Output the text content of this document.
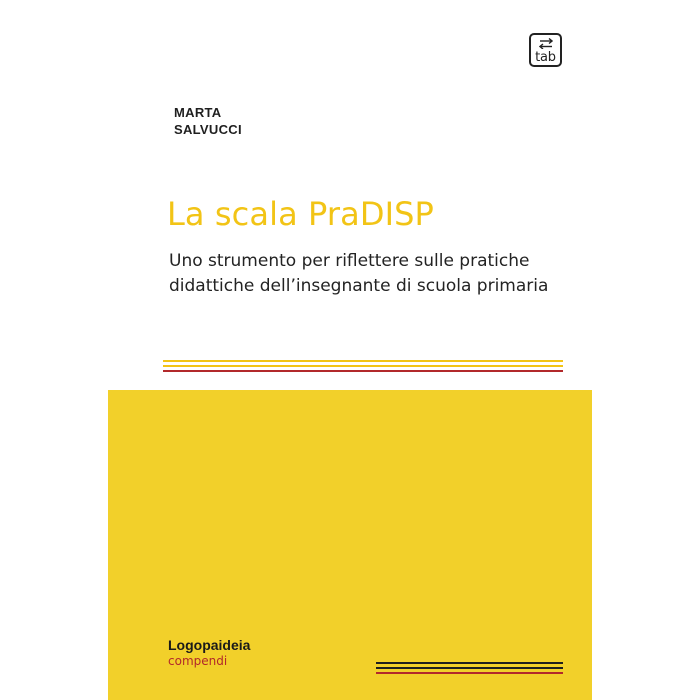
tab
MARTA
SALVUCCI
La scala PraDISP
Uno strumento per riflettere sulle pratiche
didattiche dell’insegnante di scuola primaria
Logopaideia
compendi
